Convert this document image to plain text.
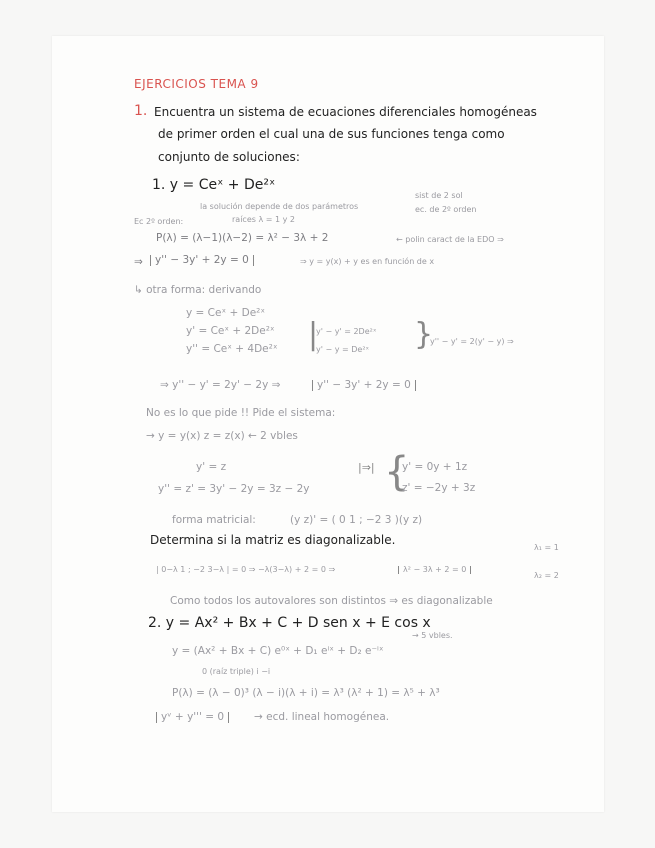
EJERCICIOS TEMA 9
1. Encuentra un sistema de ecuaciones diferenciales homogéneas
de primer orden el cual una de sus funciones tenga como
conjunto de soluciones:
1. y = Ceˣ + De²ˣ
la solución depende de dos parámetros
sist de 2 sol
ec. de 2º orden
Ec 2º orden:	raíces λ = 1 y 2
P(λ) = (λ−1)(λ−2) = λ² − 3λ + 2	← polin caract de la EDO ⇒
⇒	y'' − 3y' + 2y = 0	⇒ y = y(x) + y es en función de x
↳ otra forma: derivando
y = Ceˣ + De²ˣ
y' = Ceˣ + 2De²ˣ
y'' = Ceˣ + 4De²ˣ |
y' − y' = 2De²ˣ
y' − y = De²ˣ }
y'' − y' = 2(y' − y) ⇒
⇒ y'' − y' = 2y' − 2y ⇒	y'' − 3y' + 2y = 0
No es lo que pide !! Pide el sistema:
→ y = y(x) z = z(x) ← 2 vbles
y' = z
y'' = z' = 3y' − 2y = 3z − 2y
|⇒| {
y' = 0y + 1z
z' = −2y + 3z
forma matricial:	(y z)' = ( 0 1 ; −2 3 )(y z)
Determina si la matriz es diagonalizable.
| 0−λ 1 ; −2 3−λ | = 0 ⇒ −λ(3−λ) + 2 = 0 ⇒	λ² − 3λ + 2 = 0
λ₁ = 1
λ₂ = 2
Como todos los autovalores son distintos ⇒ es diagonalizable
2. y = Ax² + Bx + C + D sen x + E cos x
→ 5 vbles.
y = (Ax² + Bx + C) e⁰ˣ + D₁ eⁱˣ + D₂ e⁻ⁱˣ
0 (raíz triple) i −i
P(λ) = (λ − 0)³ (λ − i)(λ + i) = λ³ (λ² + 1) = λ⁵ + λ³
yᵛ + y''' = 0	→ ecd. lineal homogénea.
